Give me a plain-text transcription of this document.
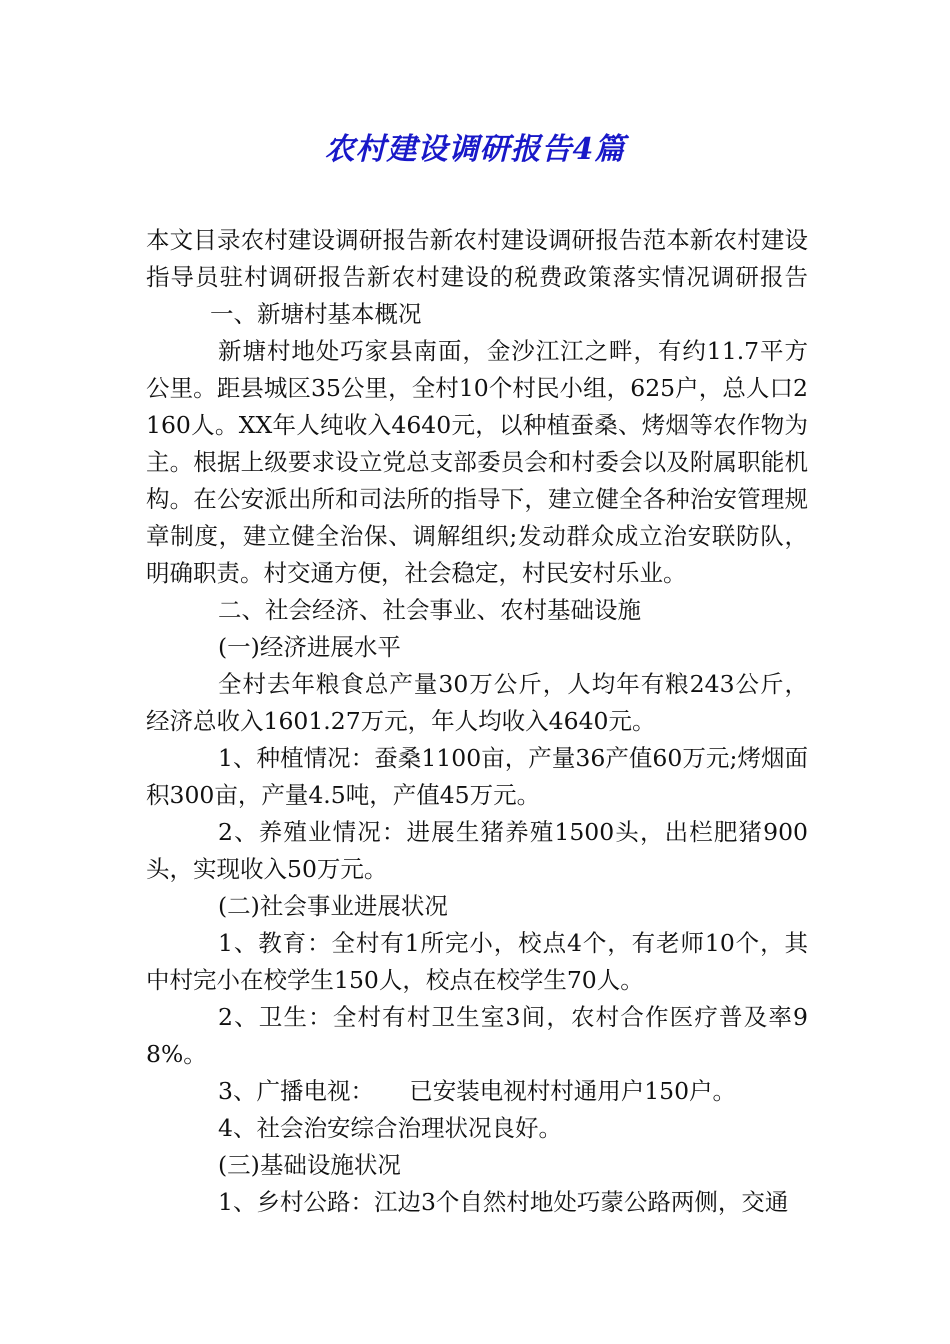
农村建设调研报告4篇

本文目录农村建设调研报告新农村建设调研报告范本新农村建设指导员驻村调研报告新农村建设的税费政策落实情况调研报告一、新塘村基本概况

新塘村地处巧家县南面，金沙江江之畔，有约11.7平方公里。距县城区35公里，全村10个村民小组，625户，总人口2160人。XX年人纯收入4640元，以种植蚕桑、烤烟等农作物为主。根据上级要求设立党总支部委员会和村委会以及附属职能机构。在公安派出所和司法所的指导下，建立健全各种治安管理规章制度，建立健全治保、调解组织;发动群众成立治安联防队，明确职责。村交通方便，社会稳定，村民安村乐业。

二、社会经济、社会事业、农村基础设施

(一)经济进展水平

全村去年粮食总产量30万公斤，人均年有粮243公斤，经济总收入1601.27万元，年人均收入4640元。

1、种植情况：蚕桑1100亩，产量36产值60万元;烤烟面积300亩，产量4.5吨，产值45万元。

2、养殖业情况：进展生猪养殖1500头，出栏肥猪900头，实现收入50万元。

(二)社会事业进展状况

1、教育：全村有1所完小，校点4个，有老师10个，其中村完小在校学生150人，校点在校学生70人。

2、卫生：全村有村卫生室3间，农村合作医疗普及率98%。

3、广播电视：　　已安装电视村村通用户150户。

4、社会治安综合治理状况良好。

(三)基础设施状况

1、乡村公路：江边3个自然村地处巧蒙公路两侧，交通
